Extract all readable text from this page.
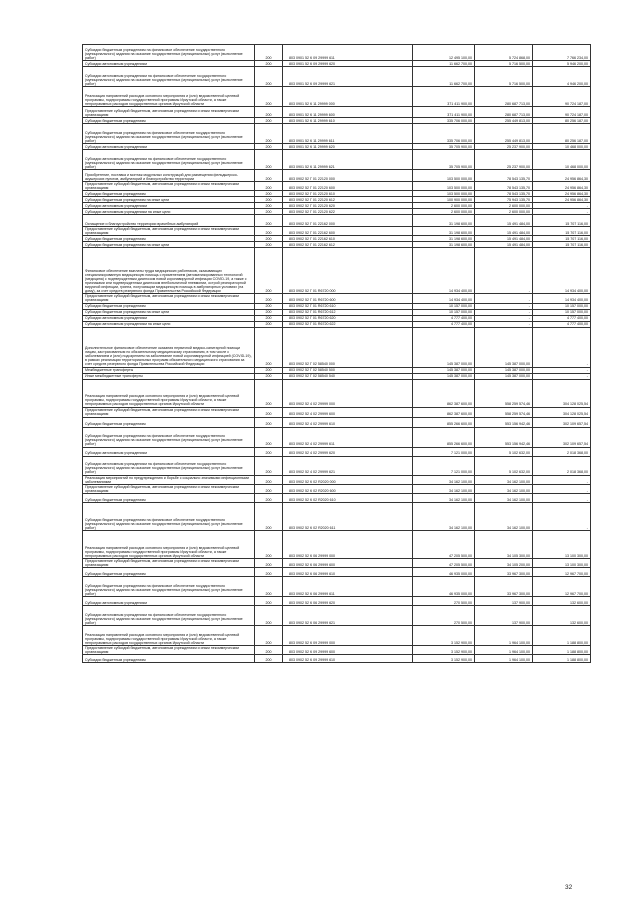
Субсидии бюджетным учреждениям на финансовое обеспечение государственного (муниципального) задания на оказание государственных (муниципальных) услуг (выполнение работ)	200	803 0901 52 К 09 29999 611	12 495 100,00	5 724 868,00	7 766 234,00
Субсидии автономным учреждениям	200	803 0901 52 К 09 29999 620	11 662 700,00	5 716 500,00	5 946 200,00
Субсидии автономным учреждениям на финансовое обеспечение государственного (муниципального) задания на оказание государственных (муниципальных) услуг (выполнение работ)	200	803 0901 52 К 09 29999 621	11 662 700,00	5 716 500,00	4 946 200,00
Реализация направлений расходов основного мероприятия и (или) ведомственной целевой программы, подпрограммы государственной программы Иркутской области, а также непрограммных расходов государственных органов Иркутской области	200	803 0901 52 К 11 29999 000	371 411 900,00	280 687 713,00	90 724 187,00
Предоставление субсидий бюджетным, автономным учреждениям и иным некоммерческим организациям	200	803 0901 52 К 11 29999 600	371 411 900,00	280 687 713,00	90 724 187,00
Субсидии бюджетным учреждениям	200	803 0901 52 К 11 29999 610	335 706 000,00	255 449 813,00	80 256 187,00
Субсидии бюджетным учреждениям на финансовое обеспечение государственного (муниципального) задания на оказание государственных (муниципальных) услуг (выполнение работ)	200	803 0901 52 К 11 29999 611	335 706 000,00	255 449 813,00	80 256 187,00
Субсидии автономным учреждениям	200	803 0901 52 К 11 29999 620	35 705 900,00	25 237 900,00	10 468 000,00
Субсидии автономным учреждениям на финансовое обеспечение государственного (муниципального) задания на оказание государственных (муниципальных) услуг (выполнение работ)	200	803 0901 52 К 11 29999 621	35 705 900,00	25 237 900,00	10 468 000,00
Приобретение, поставка и монтаж модульных конструкций для размещения фельдшерско-акушерских пунктов, амбулаторий и благоустройство территории	200	803 0902 52 Г 01 22120 000	103 500 000,00	78 543 135,70	24 956 864,30
Предоставление субсидий бюджетным, автономным учреждениям и иным некоммерческим организациям	200	803 0902 52 Г 01 22120 600	103 500 000,00	78 543 135,70	24 956 864,30
Субсидии бюджетным учреждениям	200	803 0902 52 Г 01 22120 610	103 500 000,00	78 543 135,70	24 956 864,30
Субсидии бюджетным учреждениям на иные цели	200	803 0902 52 Г 01 22120 612	100 900 000,00	75 943 135,70	24 956 864,30
Субсидии автономным учреждениям	200	803 0902 52 Г 01 22120 620	2 600 000,00	2 600 000,00	-
Субсидии автономным учреждениям на иные цели	200	803 0902 52 Г 01 22120 622	2 600 000,00	2 600 000,00	-
Оснащение и благоустройство территории врачебных амбулаторий	200	803 0902 52 Г 01 22162 000	31 198 600,00	15 491 484,00	15 707 116,00
Предоставление субсидий бюджетным, автономным учреждениям и иным некоммерческим организациям	200	803 0902 52 Г 01 22162 600	31 198 600,00	15 491 484,00	15 707 116,00
Субсидии бюджетным учреждениям	200	803 0902 52 Г 01 22162 610	31 198 600,00	15 491 484,00	15 707 116,00
Субсидии бюджетным учреждениям на иные цели	200	803 0902 52 Г 01 22162 612	31 198 600,00	15 491 484,00	15 707 116,00
Финансовое обеспечение выплаты труда медицинских работников, оказывающих специализированную медицинскую помощь с применением (автоматизированных технологий (медицина) с подтвержденным диагнозом новой коронавирусной инфекции COVID-19, а также с признаками или подтвержденным диагнозом внебольничной пневмонии, острой респираторной вирусной инфекции, гриппа, получающим медицинскую помощь в амбулаторных условиях (на дому), за счет средств резервного фонда Правительства Российской Федерации	200	803 0902 52 Г 01 R6720 000	14 934 400,00	-	14 934 400,00
Предоставление субсидий бюджетным, автономным учреждениям и иным некоммерческим организациям	200	803 0902 52 Г 01 R6720 600	14 934 400,00	-	14 934 400,00
Субсидии бюджетным учреждениям	200	803 0902 52 Г 01 R6720 610	10 157 000,00	-	10 157 000,00
Субсидии бюджетным учреждениям на иные цели	200	803 0902 52 Г 01 R6720 612	10 157 000,00	-	10 157 000,00
Субсидии автономным учреждениям	200	803 0902 52 Г 01 R6720 620	4 777 400,00	-	4 777 400,00
Субсидии автономным учреждениям на иные цели	200	803 0902 52 Г 01 R6720 622	4 777 400,00	-	4 777 400,00
Дополнительное финансовое обеспечение оказания первичной медико-санитарной помощи лицам, застрахованным по обязательному медицинскому страхованию, в том числе с заболеванием и (или) подозрением на заболевание новой коронавирусной инфекцией (COVID-19), в рамках реализации территориальных программ обязательного медицинского страхования за счет средств резервного фонда Правительства Российской Федерации	200	803 0902 52 Г 02 58540 000	145 387 000,00	145 387 000,00	-
Межбюджетные трансферты	200	803 0902 52 Г 02 58540 500	145 387 000,00	145 387 000,00	-
Иные межбюджетные трансферты	200	803 0902 52 Г 02 58540 540	145 387 000,00	145 387 000,00	-
Реализация направлений расходов основного мероприятия и (или) ведомственной целевой программы, подпрограммы государственной программы Иркутской области, а также непрограммных расходов государственных органов Иркутской области	200	803 0902 52 4 02 29999 000	862 387 600,00	558 259 574,46	304 128 025,54
Предоставление субсидий бюджетным, автономным учреждениям и иным некоммерческим организациям	200	803 0902 52 4 02 29999 600	862 387 600,00	558 259 574,46	304 128 025,54
Субсидии бюджетным учреждениям	200	803 0902 52 4 02 29999 610	855 266 600,00	553 156 942,46	302 109 657,54
Субсидии бюджетным учреждениям на финансовое обеспечение государственного (муниципального) задания на оказание государственных (муниципальных) услуг (выполнение работ)	200	803 0902 52 4 02 29999 611	855 266 600,00	553 156 942,46	302 109 657,54
Субсидии автономным учреждениям	200	803 0902 52 4 02 29999 620	7 121 000,00	5 102 632,00	2 018 368,00
Субсидии автономным учреждениям на финансовое обеспечение государственного (муниципального) задания на оказание государственных (муниципальных) услуг (выполнение работ)	200	803 0902 52 4 02 29999 621	7 121 000,00	5 102 632,00	2 018 368,00
Реализация мероприятий по предупреждению и борьбе с социально значимыми инфекционными заболеваниями	200	803 0902 52 К 02 R2020 000	34 162 100,00	34 162 100,00	-
Предоставление субсидий бюджетным, автономным учреждениям и иным некоммерческим организациям	200	803 0902 52 К 02 R2020 600	34 162 100,00	34 162 100,00	-
Субсидии бюджетным учреждениям	200	803 0902 52 К 02 R2020 610	34 162 100,00	34 162 100,00	-
Субсидии бюджетным учреждениям на финансовое обеспечение государственного (муниципального) задания на оказание государственных (муниципальных) услуг (выполнение работ)	200	803 0902 52 К 02 R2020 611	34 162 100,00	34 162 100,00	-
Реализация направлений расходов основного мероприятия и (или) ведомственной целевой программы, подпрограммы государственной программы Иркутской области, а также непрограммных расходов государственных органов Иркутской области	200	803 0902 52 К 06 29999 000	47 205 500,00	34 105 300,00	13 100 300,00
Предоставление субсидий бюджетным, автономным учреждениям и иным некоммерческим организациям	200	803 0902 52 К 06 29999 600	47 205 500,00	34 105 200,00	13 100 300,00
Субсидии бюджетным учреждениям	200	803 0902 52 К 06 29999 610	46 935 000,00	33 967 300,00	12 967 700,00
Субсидии бюджетным учреждениям на финансовое обеспечение государственного (муниципального) задания на оказание государственных (муниципальных) услуг (выполнение работ)	200	803 0902 52 К 06 29999 611	46 935 000,00	33 967 300,00	12 967 700,00
Субсидии автономным учреждениям	200	803 0902 52 К 06 29999 620	270 500,00	137 900,00	132 600,00
Субсидии автономным учреждениям на финансовое обеспечение государственного (муниципального) задания на оказание государственных (муниципальных) услуг (выполнение работ)	200	803 0902 52 К 06 29999 621	270 500,00	137 900,00	132 600,00
Реализация направлений расходов основного мероприятия и (или) ведомственной целевой программы, подпрограммы государственной программы Иркутской области, а также непрограммных расходов государственных органов Иркутской области	200	803 0902 52 К 09 29999 000	3 152 900,00	1 964 100,00	1 188 800,00
Предоставление субсидий бюджетным, автономным учреждениям и иным некоммерческим организациям	200	803 0902 52 К 09 29999 600	3 152 900,00	1 964 100,00	1 188 800,00
Субсидии бюджетным учреждениям	200	803 0902 52 К 09 29999 610	3 152 900,00	1 964 100,00	1 188 800,00
32
